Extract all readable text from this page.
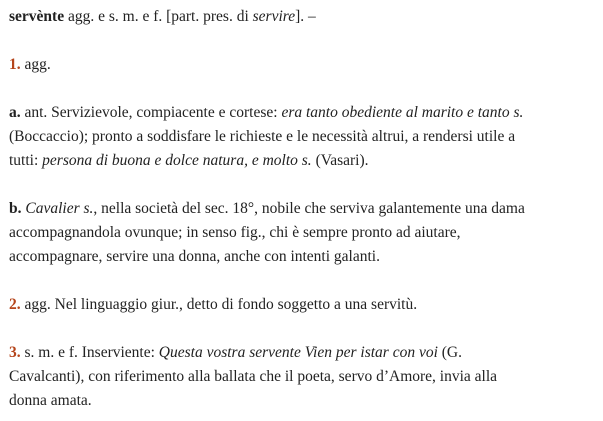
servènte agg. e s. m. e f. [part. pres. di servire]. –

1. agg.

a. ant. Servizievole, compiacente e cortese: era tanto obediente al marito e tanto s.
(Boccaccio); pronto a soddisfare le richieste e le necessità altrui, a rendersi utile a
tutti: persona di buona e dolce natura, e molto s. (Vasari).

b. Cavalier s., nella società del sec. 18°, nobile che serviva galantemente una dama
accompagnandola ovunque; in senso fig., chi è sempre pronto ad aiutare,
accompagnare, servire una donna, anche con intenti galanti.

2. agg. Nel linguaggio giur., detto di fondo soggetto a una servitù.

3. s. m. e f. Inserviente: Questa vostra servente Vien per istar con voi (G.
Cavalcanti), con riferimento alla ballata che il poeta, servo d’Amore, invia alla
donna amata.
